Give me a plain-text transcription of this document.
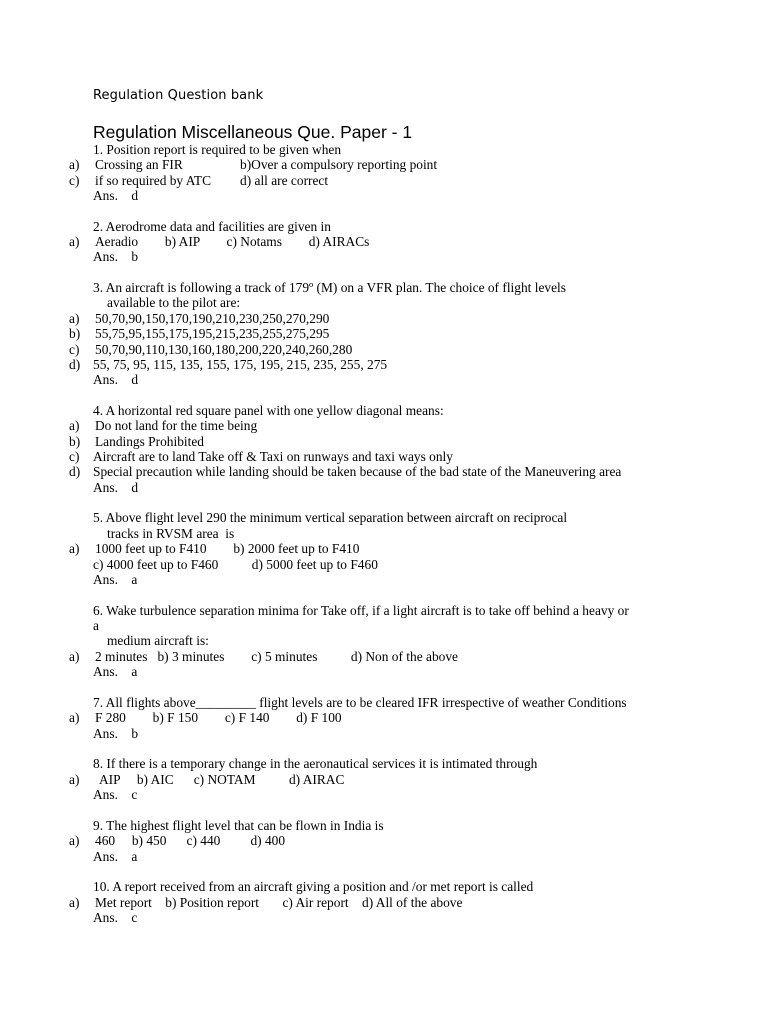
Regulation Question bank
Regulation Miscellaneous Que. Paper - 1
1. Position report is required to be given when
a) Crossing an FIR	b)Over a compulsory reporting point
c) if so required by ATC d) all are correct
Ans.    d
2. Aerodrome data and facilities are given in
a) Aeradio        b) AIP        c) Notams        d) AIRACs
Ans.    b
3. An aircraft is following a track of 179º (M) on a VFR plan. The choice of flight levels
available to the pilot are:
a) 50,70,90,150,170,190,210,230,250,270,290
b) 55,75,95,155,175,195,215,235,255,275,295
c) 50,70,90,110,130,160,180,200,220,240,260,280
d) 55, 75, 95, 115, 135, 155, 175, 195, 215, 235, 255, 275
Ans.    d
4. A horizontal red square panel with one yellow diagonal means:
a) Do not land for the time being
b) Landings Prohibited
c) Aircraft are to land Take off & Taxi on runways and taxi ways only
d) Special precaution while landing should be taken because of the bad state of the Maneuvering area
Ans.    d
5. Above flight level 290 the minimum vertical separation between aircraft on reciprocal
tracks in RVSM area  is
a) 1000 feet up to F410        b) 2000 feet up to F410
c) 4000 feet up to F460          d) 5000 feet up to F460
Ans.    a
6. Wake turbulence separation minima for Take off, if a light aircraft is to take off behind a heavy or
a
medium aircraft is:
a) 2 minutes   b) 3 minutes        c) 5 minutes          d) Non of the above
Ans.    a
7. All flights above_________ flight levels are to be cleared IFR irrespective of weather Conditions
a) F 280        b) F 150        c) F 140        d) F 100
Ans.    b
8. If there is a temporary change in the aeronautical services it is intimated through
a) AIP     b) AIC      c) NOTAM          d) AIRAC
Ans.    c
9. The highest flight level that can be flown in India is
a) 460     b) 450      c) 440         d) 400
Ans.    a
10. A report received from an aircraft giving a position and /or met report is called
a) Met report    b) Position report       c) Air report    d) All of the above
Ans.    c
